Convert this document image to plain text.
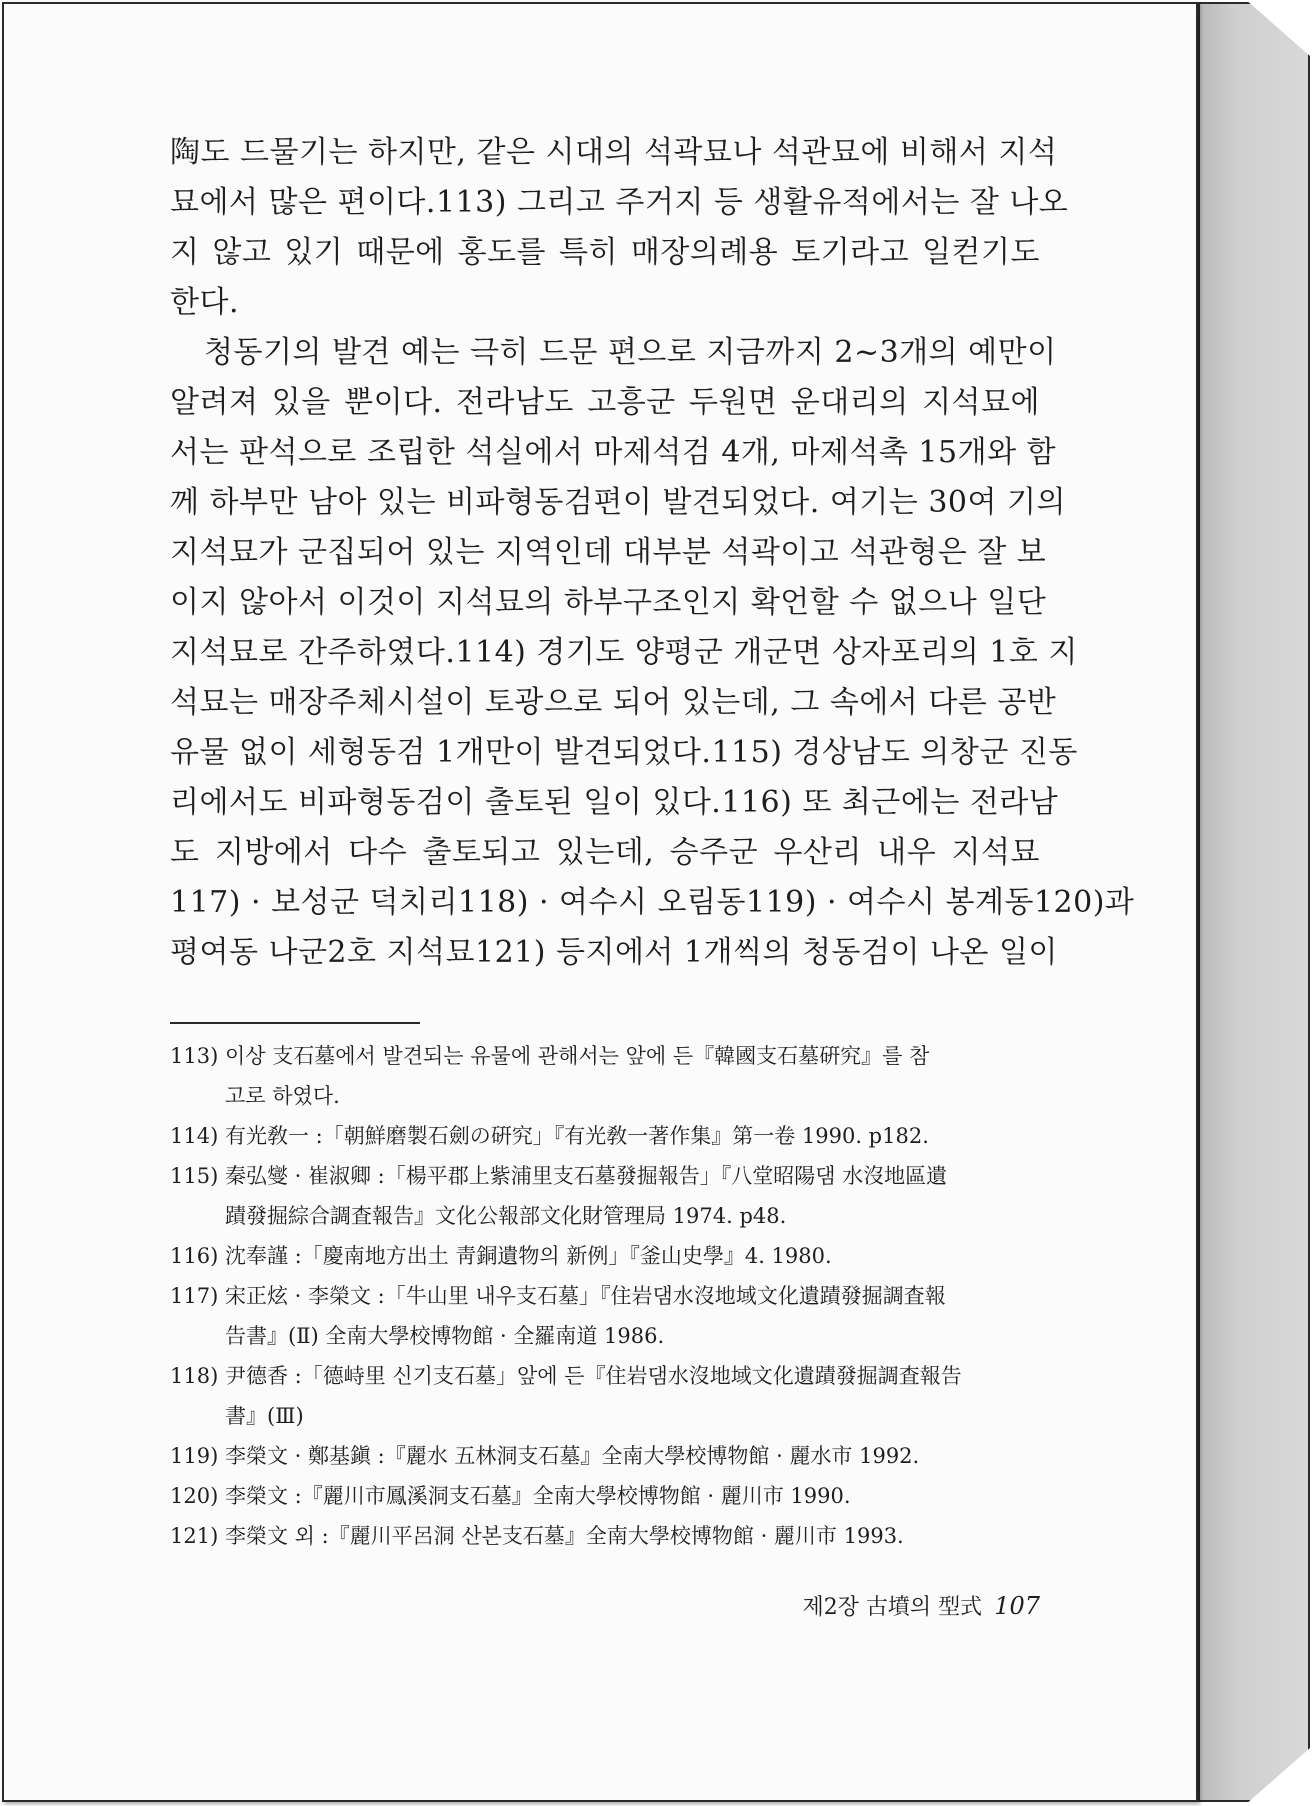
陶도 드물기는 하지만, 같은 시대의 석곽묘나 석관묘에 비해서 지석
묘에서 많은 편이다.113) 그리고 주거지 등 생활유적에서는 잘 나오
지 않고 있기 때문에 홍도를 특히 매장의례용 토기라고 일컫기도
한다.
청동기의 발견 예는 극히 드문 편으로 지금까지 2~3개의 예만이
알려져 있을 뿐이다. 전라남도 고흥군 두원면 운대리의 지석묘에
서는 판석으로 조립한 석실에서 마제석검 4개, 마제석촉 15개와 함
께 하부만 남아 있는 비파형동검편이 발견되었다. 여기는 30여 기의
지석묘가 군집되어 있는 지역인데 대부분 석곽이고 석관형은 잘 보
이지 않아서 이것이 지석묘의 하부구조인지 확언할 수 없으나 일단
지석묘로 간주하였다.114) 경기도 양평군 개군면 상자포리의 1호 지
석묘는 매장주체시설이 토광으로 되어 있는데, 그 속에서 다른 공반
유물 없이 세형동검 1개만이 발견되었다.115) 경상남도 의창군 진동
리에서도 비파형동검이 출토된 일이 있다.116) 또 최근에는 전라남
도 지방에서 다수 출토되고 있는데, 승주군 우산리 내우 지석묘
117) · 보성군 덕치리118) · 여수시 오림동119) · 여수시 봉계동120)과
평여동 나군2호 지석묘121) 등지에서 1개씩의 청동검이 나온 일이
113) 이상 支石墓에서 발견되는 유물에 관해서는 앞에 든『韓國支石墓硏究』를 참
고로 하였다.
114) 有光敎一 :「朝鮮磨製石劍の硏究」『有光敎一著作集』第一卷 1990. p182.
115) 秦弘燮 · 崔淑卿 :「楊平郡上紫浦里支石墓發掘報告」『八堂昭陽댐 水沒地區遺
蹟發掘綜合調査報告』文化公報部文化財管理局 1974. p48.
116) 沈奉謹 :「慶南地方出土 靑銅遺物의 新例」『釜山史學』4. 1980.
117) 宋正炫 · 李榮文 :「牛山里 내우支石墓」『住岩댐水沒地域文化遺蹟發掘調査報
告書』(Ⅱ) 全南大學校博物館 · 全羅南道 1986.
118) 尹德香 :「德峙里 신기支石墓」앞에 든『住岩댐水沒地域文化遺蹟發掘調査報告
書』(Ⅲ)
119) 李榮文 · 鄭基鎭 :『麗水 五林洞支石墓』全南大學校博物館 · 麗水市 1992.
120) 李榮文 :『麗川市鳳溪洞支石墓』全南大學校博物館 · 麗川市 1990.
121) 李榮文 외 :『麗川平呂洞 산본支石墓』全南大學校博物館 · 麗川市 1993.
제2장 古墳의 型式 107
